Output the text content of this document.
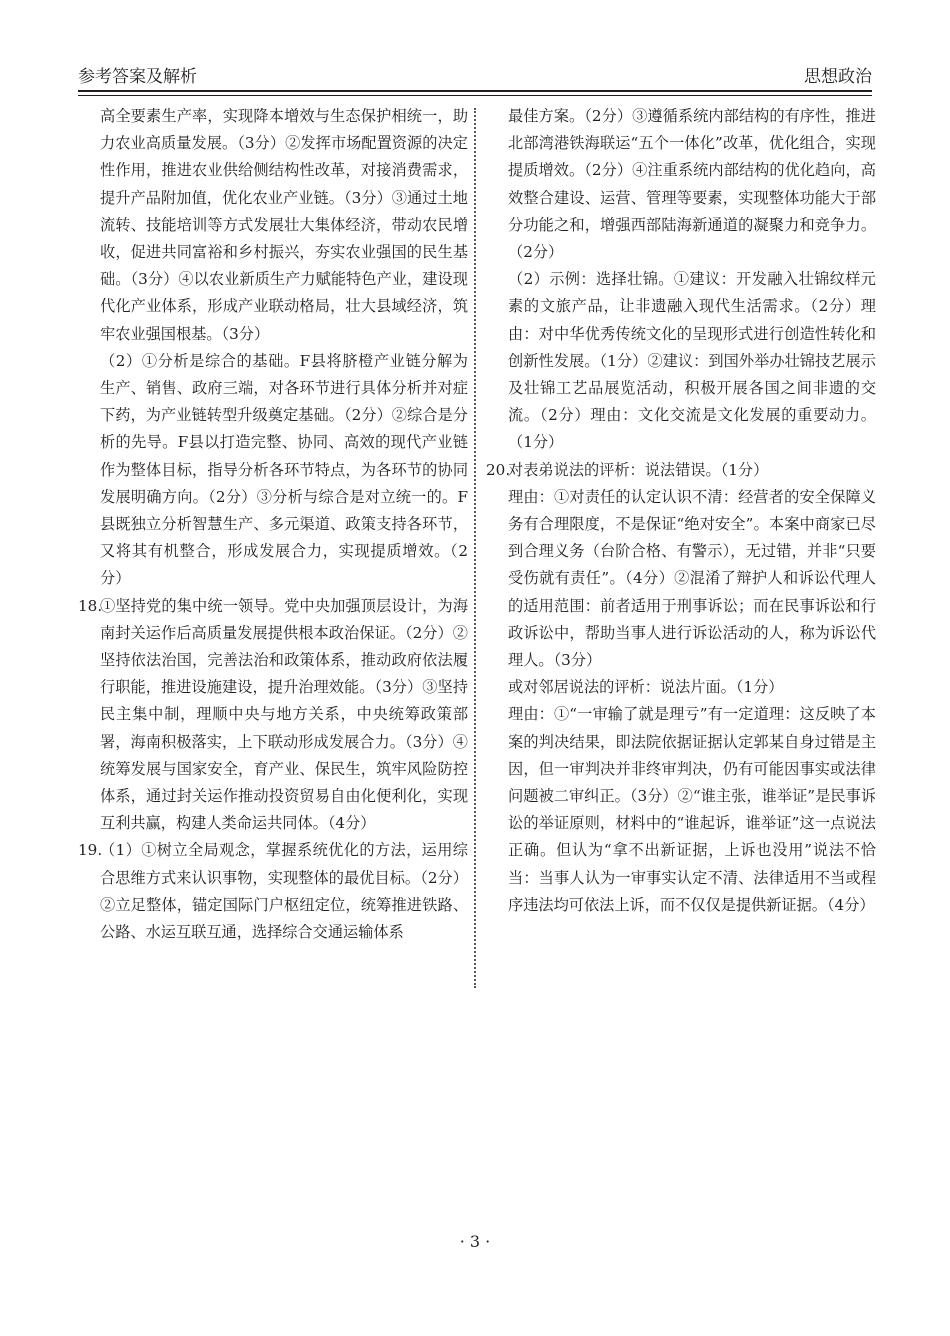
参考答案及解析	思想政治

高全要素生产率，实现降本增效与生态保护相统一，助力农业高质量发展。（3分）②发挥市场配置资源的决定性作用，推进农业供给侧结构性改革，对接消费需求，提升产品附加值，优化农业产业链。（3分）③通过土地流转、技能培训等方式发展壮大集体经济，带动农民增收，促进共同富裕和乡村振兴，夯实农业强国的民生基础。（3分）④以农业新质生产力赋能特色产业，建设现代化产业体系，形成产业联动格局，壮大县域经济，筑牢农业强国根基。（3分）

（2）①分析是综合的基础。F县将脐橙产业链分解为生产、销售、政府三端，对各环节进行具体分析并对症下药，为产业链转型升级奠定基础。（2分）②综合是分析的先导。F县以打造完整、协同、高效的现代产业链作为整体目标，指导分析各环节特点，为各环节的协同发展明确方向。（2分）③分析与综合是对立统一的。F县既独立分析智慧生产、多元渠道、政策支持各环节，又将其有机整合，形成发展合力，实现提质增效。（2分）

18.

①坚持党的集中统一领导。党中央加强顶层设计，为海南封关运作后高质量发展提供根本政治保证。（2分）②坚持依法治国，完善法治和政策体系，推动政府依法履行职能，推进设施建设，提升治理效能。（3分）③坚持民主集中制，理顺中央与地方关系，中央统筹政策部署，海南积极落实，上下联动形成发展合力。（3分）④统筹发展与国家安全，育产业、保民生，筑牢风险防控体系，通过封关运作推动投资贸易自由化便利化，实现互利共赢，构建人类命运共同体。（4分）

19.

（1）①树立全局观念，掌握系统优化的方法，运用综合思维方式来认识事物，实现整体的最优目标。（2分）②立足整体，锚定国际门户枢纽定位，统筹推进铁路、公路、水运互联互通，选择综合交通运输体系

最佳方案。（2分）③遵循系统内部结构的有序性，推进北部湾港铁海联运“五个一体化”改革，优化组合，实现提质增效。（2分）④注重系统内部结构的优化趋向，高效整合建设、运营、管理等要素，实现整体功能大于部分功能之和，增强西部陆海新通道的凝聚力和竞争力。（2分）

（2）示例：选择壮锦。①建议：开发融入壮锦纹样元素的文旅产品，让非遗融入现代生活需求。（2分）理由：对中华优秀传统文化的呈现形式进行创造性转化和创新性发展。（1分）②建议：到国外举办壮锦技艺展示及壮锦工艺品展览活动，积极开展各国之间非遗的交流。（2分）理由：文化交流是文化发展的重要动力。（1分）

20.

对表弟说法的评析：说法错误。（1分）

理由：①对责任的认定认识不清：经营者的安全保障义务有合理限度，不是保证“绝对安全”。本案中商家已尽到合理义务（台阶合格、有警示），无过错，并非“只要受伤就有责任”。（4分）②混淆了辩护人和诉讼代理人的适用范围：前者适用于刑事诉讼；而在民事诉讼和行政诉讼中，帮助当事人进行诉讼活动的人，称为诉讼代理人。（3分）

或对邻居说法的评析：说法片面。（1分）

理由：①“一审输了就是理亏”有一定道理：这反映了本案的判决结果，即法院依据证据认定郭某自身过错是主因，但一审判决并非终审判决，仍有可能因事实或法律问题被二审纠正。（3分）②“谁主张，谁举证”是民事诉讼的举证原则，材料中的“谁起诉，谁举证”这一点说法正确。但认为“拿不出新证据，上诉也没用”说法不恰当：当事人认为一审事实认定不清、法律适用不当或程序违法均可依法上诉，而不仅仅是提供新证据。（4分）

· 3 ·
